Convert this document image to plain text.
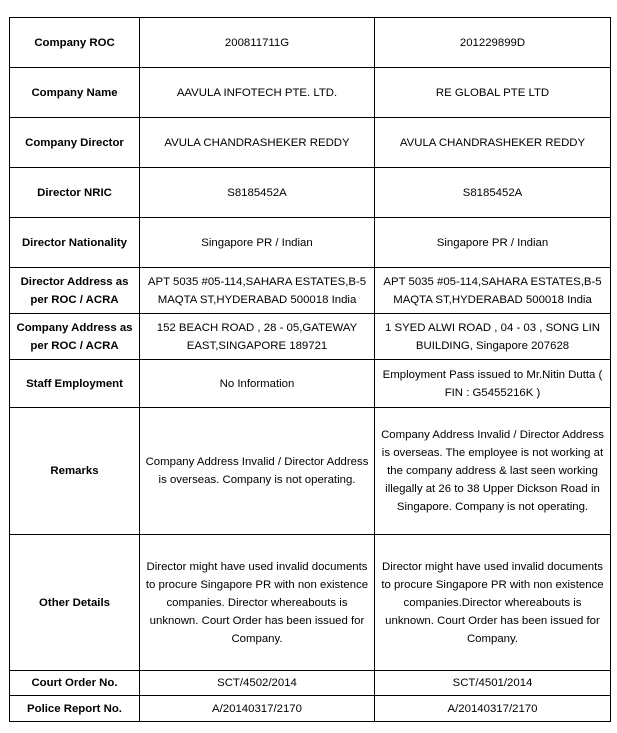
Company ROC	200811711G	201229899D
Company Name	AAVULA INFOTECH PTE. LTD.	RE GLOBAL PTE LTD
Company Director	AVULA CHANDRASHEKER REDDY	AVULA CHANDRASHEKER REDDY
Director NRIC	S8185452A	S8185452A
Director Nationality	Singapore PR / Indian	Singapore PR / Indian
Director Address as per ROC / ACRA	APT 5035 #05-114,SAHARA ESTATES,B-5 MAQTA ST,HYDERABAD 500018 India	APT 5035 #05-114,SAHARA ESTATES,B-5 MAQTA ST,HYDERABAD 500018 India
Company Address as per ROC / ACRA	152 BEACH ROAD , 28 - 05,GATEWAY EAST,SINGAPORE 189721	1 SYED ALWI ROAD , 04 - 03 , SONG LIN BUILDING, Singapore 207628
Staff Employment	No Information	Employment Pass issued to Mr.Nitin Dutta ( FIN : G5455216K )
Remarks	Company Address Invalid / Director Address is overseas. Company is not operating.	Company Address Invalid / Director Address is overseas. The employee is not working at the company address & last seen working illegally at 26 to 38 Upper Dickson Road in Singapore. Company is not operating.
Other Details	Director might have used invalid documents to procure Singapore PR with non existence companies. Director whereabouts is unknown. Court Order has been issued for Company.	Director might have used invalid documents to procure Singapore PR with non existence companies.Director whereabouts is unknown. Court Order has been issued for Company.
Court Order No.	SCT/4502/2014	SCT/4501/2014
Police Report No.	A/20140317/2170	A/20140317/2170
